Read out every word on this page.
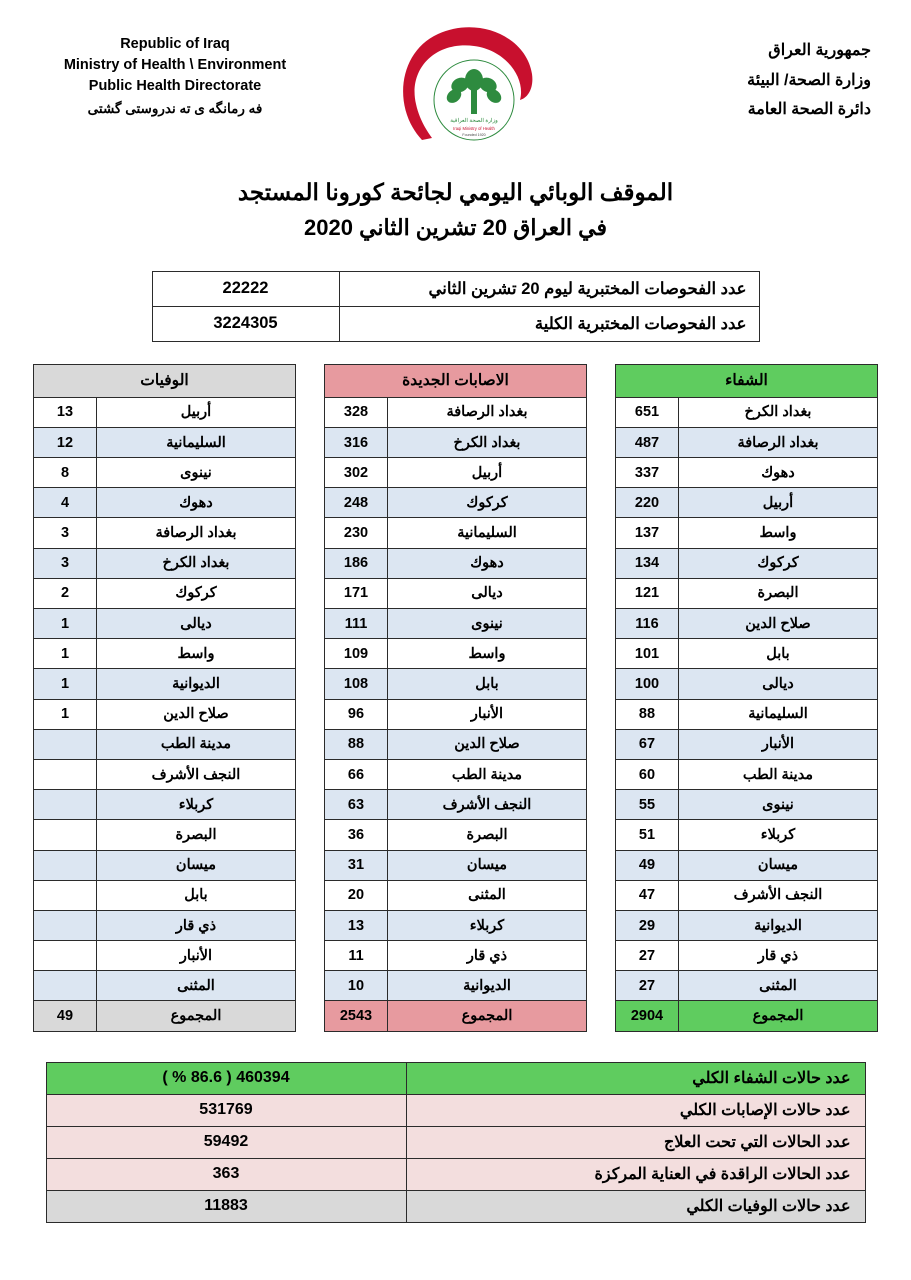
Republic of Iraq
Ministry of Health \ Environment
Public Health Directorate
فه‌ رمانگه‌ ى ته‌ ندروستى گشتى
وزارة الصحة العراقية
Iraqi Ministry of Health
Founded 1920
جمهورية العراق
وزارة الصحة/ البيئة
دائرة الصحة العامة
الموقف الوبائي اليومي لجائحة كورونا المستجد
في العراق 20 تشرين الثاني 2020
عدد الفحوصات المختبرية ليوم 20 تشرين الثاني	22222
عدد الفحوصات المختبرية الكلية	3224305
الشفاء	
بغداد الكرخ	651
بغداد الرصافة	487
دهوك	337
أربيل	220
واسط	137
كركوك	134
البصرة	121
صلاح الدين	116
بابل	101
ديالى	100
السليمانية	88
الأنبار	67
مدينة الطب	60
نينوى	55
كربلاء	51
ميسان	49
النجف الأشرف	47
الديوانية	29
ذي قار	27
المثنى	27
المجموع	2904
الاصابات الجديدة	
بغداد الرصافة	328
بغداد الكرخ	316
أربيل	302
كركوك	248
السليمانية	230
دهوك	186
ديالى	171
نينوى	111
واسط	109
بابل	108
الأنبار	96
صلاح الدين	88
مدينة الطب	66
النجف الأشرف	63
البصرة	36
ميسان	31
المثنى	20
كربلاء	13
ذي قار	11
الديوانية	10
المجموع	2543
الوفيات	
أربيل	13
السليمانية	12
نينوى	8
دهوك	4
بغداد الرصافة	3
بغداد الكرخ	3
كركوك	2
ديالى	1
واسط	1
الديوانية	1
صلاح الدين	1
مدينة الطب	
النجف الأشرف	
كربلاء	
البصرة	
ميسان	
بابل	
ذي قار	
الأنبار	
المثنى	
المجموع	49
عدد حالات الشفاء الكلي	460394 ( 86.6 % )
عدد حالات الإصابات الكلي	531769
عدد الحالات التي تحت العلاج	59492
عدد الحالات الراقدة في العناية المركزة	363
عدد حالات الوفيات الكلي	11883
